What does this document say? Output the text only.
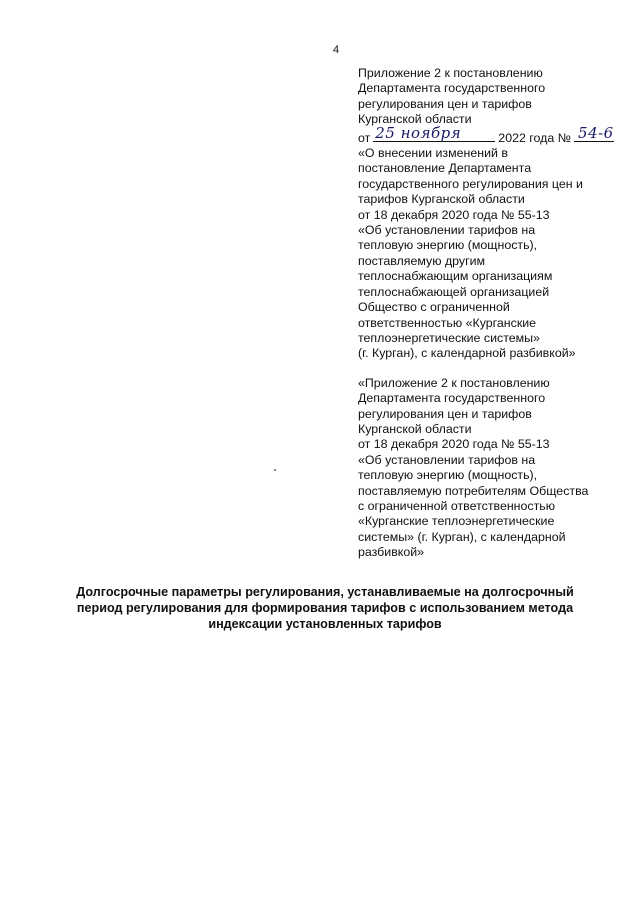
4
Приложение 2 к постановлению
Департамента государственного
регулирования цен и тарифов
Курганской области
от 25 ноября	2022 года № 54-6
«О внесении изменений в
постановление Департамента
государственного регулирования цен и
тарифов Курганской области
от 18 декабря 2020 года № 55-13
«Об установлении тарифов на
тепловую энергию (мощность),
поставляемую другим
теплоснабжающим организациям
теплоснабжающей организацией
Общество с ограниченной
ответственностью «Курганские
теплоэнергетические системы»
(г. Курган), с календарной разбивкой»
«Приложение 2 к постановлению
Департамента государственного
регулирования цен и тарифов
Курганской области
от 18 декабря 2020 года № 55-13
«Об установлении тарифов на
тепловую энергию (мощность),
поставляемую потребителям Общества
с ограниченной ответственностью
«Курганские теплоэнергетические
системы» (г. Курган), с календарной
разбивкой»
Долгосрочные параметры регулирования, устанавливаемые на долгосрочный
период регулирования для формирования тарифов с использованием метода
индексации установленных тарифов
